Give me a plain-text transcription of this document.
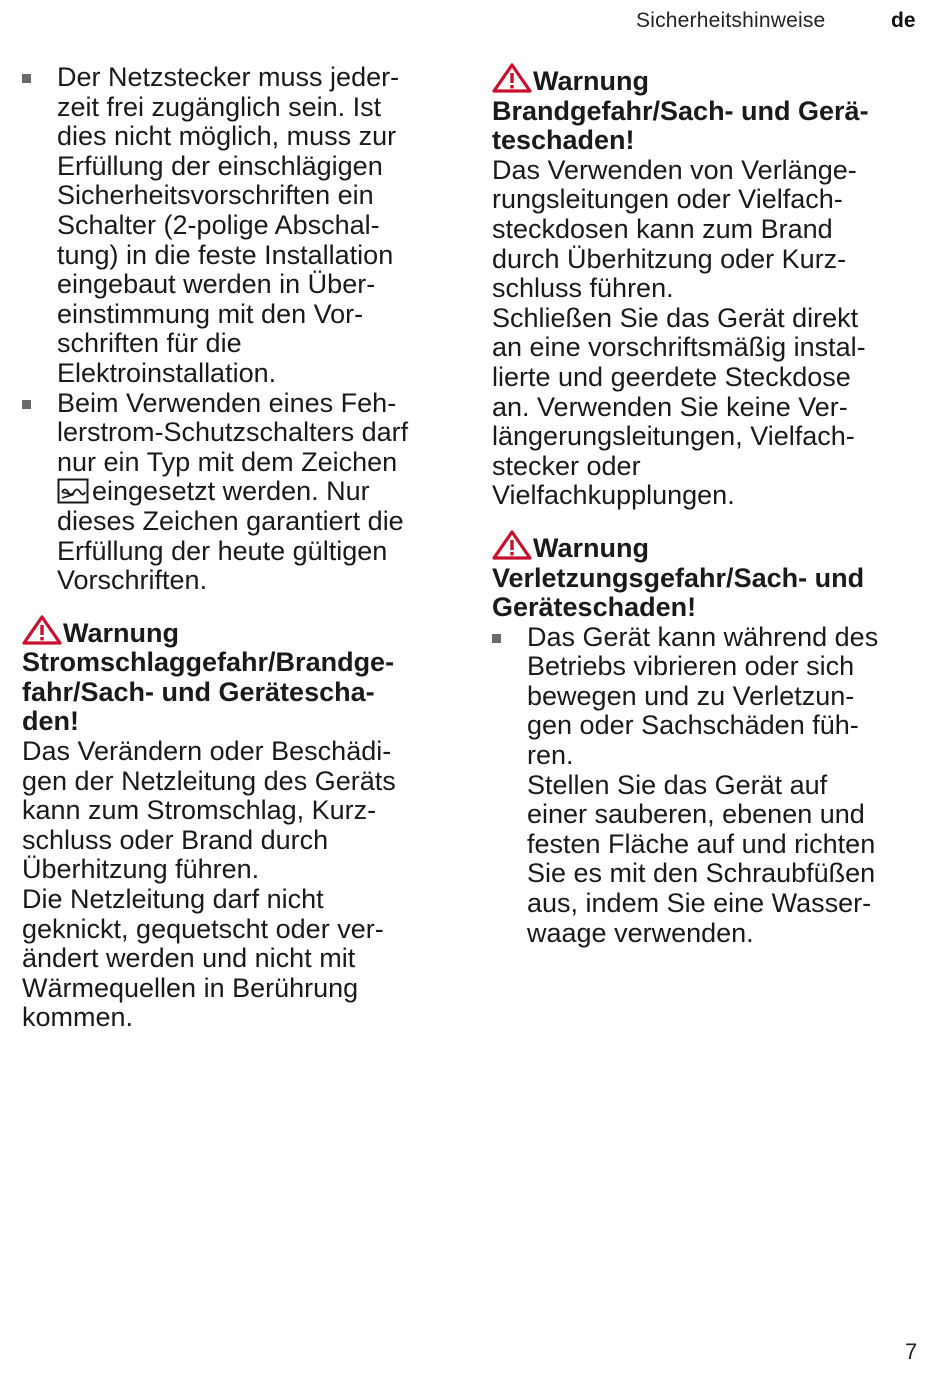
Sicherheitshinweise	de
Der Netzstecker muss jeder-
zeit frei zugänglich sein. Ist
dies nicht möglich, muss zur
Erfüllung der einschlägigen
Sicherheitsvorschriften ein
Schalter (2-polige Abschal-
tung) in die feste Installation
eingebaut werden in Über-
einstimmung mit den Vor-
schriften für die
Elektroinstallation.
Beim Verwenden eines Feh-
lerstrom-Schutzschalters darf
nur ein Typ mit dem Zeichen
eingesetzt werden. Nur
dieses Zeichen garantiert die
Erfüllung der heute gültigen
Vorschriften.
Warnung
Stromschlaggefahr/Brandge-
fahr/Sach- und Gerätescha-
den!
Das Verändern oder Beschädi-
gen der Netzleitung des Geräts
kann zum Stromschlag, Kurz-
schluss oder Brand durch
Überhitzung führen.
Die Netzleitung darf nicht
geknickt, gequetscht oder ver-
ändert werden und nicht mit
Wärmequellen in Berührung
kommen.
Warnung
Brandgefahr/Sach- und Gerä-
teschaden!
Das Verwenden von Verlänge-
rungsleitungen oder Vielfach-
steckdosen kann zum Brand
durch Überhitzung oder Kurz-
schluss führen.
Schließen Sie das Gerät direkt
an eine vorschriftsmäßig instal-
lierte und geerdete Steckdose
an. Verwenden Sie keine Ver-
längerungsleitungen, Vielfach-
stecker oder
Vielfachkupplungen.
Warnung
Verletzungsgefahr/Sach- und
Geräteschaden!
Das Gerät kann während des
Betriebs vibrieren oder sich
bewegen und zu Verletzun-
gen oder Sachschäden füh-
ren.
Stellen Sie das Gerät auf
einer sauberen, ebenen und
festen Fläche auf und richten
Sie es mit den Schraubfüßen
aus, indem Sie eine Wasser-
waage verwenden.
7
